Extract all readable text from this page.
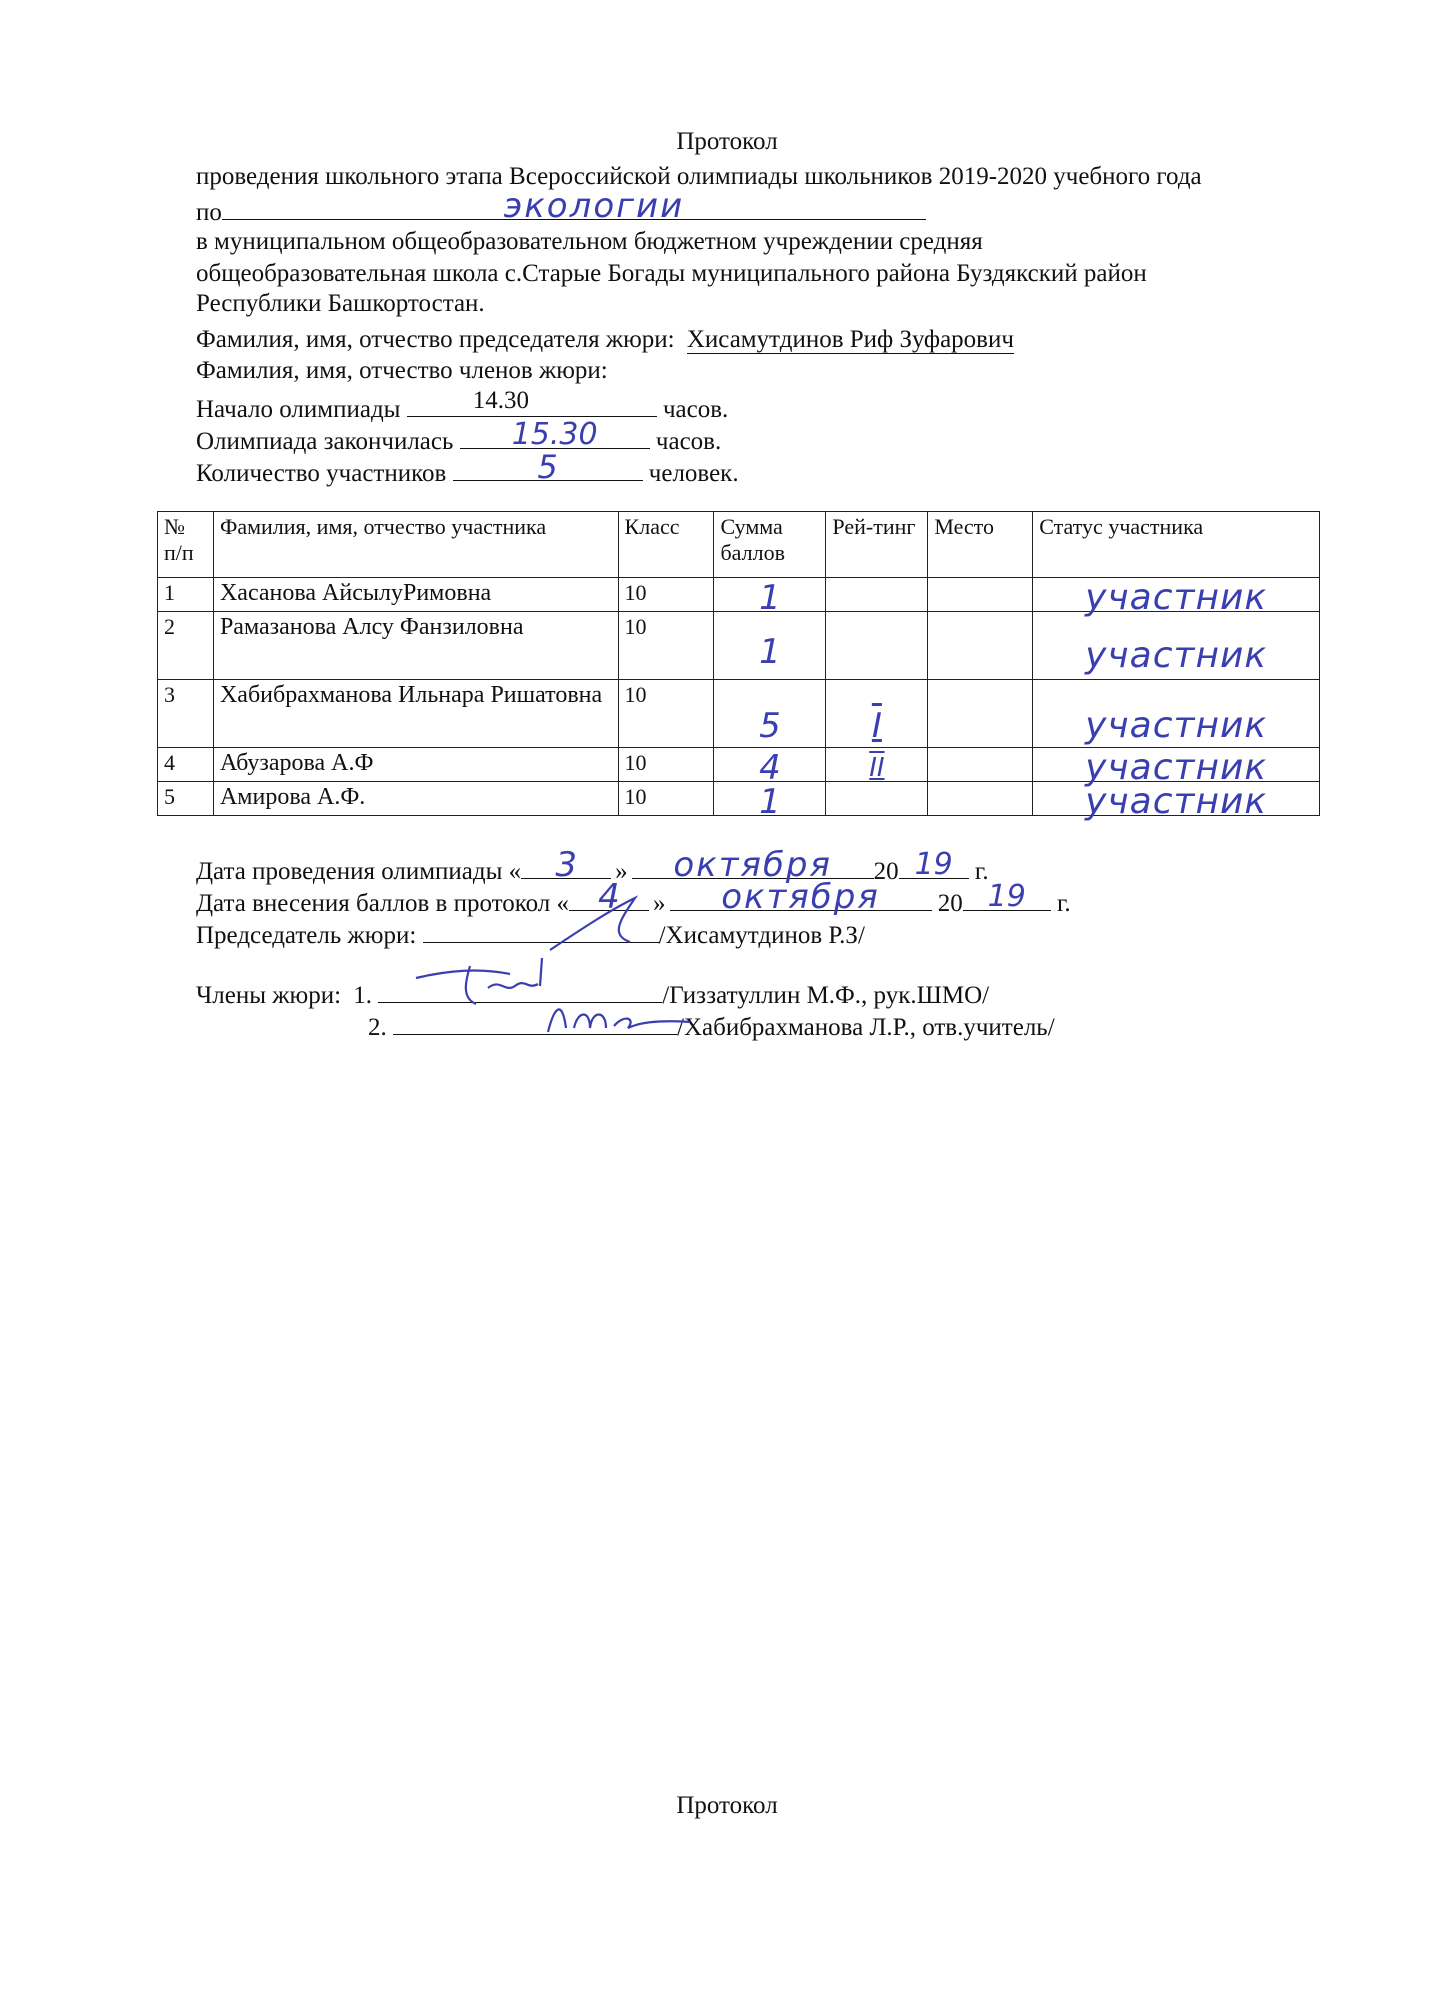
Протокол
проведения школьного этапа Всероссийской олимпиады школьников 2019-2020 учебного года
по	экологии
в муниципальном общеобразовательном бюджетном учреждении средняя
общеобразовательная школа с.Старые Богады муниципального района Буздякский район
Республики Башкортостан.
Фамилия, имя, отчество председателя жюри: Хисамутдинов Риф Зуфарович
Фамилия, имя, отчество членов жюри:
Начало олимпиады	14.30	часов.
Олимпиада закончилась	15.30	часов.
Количество участников	5	человек.
№ п/п	Фамилия, имя, отчество участника	Класс	Сумма баллов	Рей-тинг	Место	Статус участника
1	Хасанова АйсылуРимовна	10	1			участник

2	Рамазанова Алсу Фанзиловна	10	1			участник

3	Хабибрахманова Ильнара Ришатовна	10	5	I		участник

4	Абузарова А.Ф	10	4	II		участник

5	Амирова А.Ф.	10	1			участник
Дата проведения олимпиады «	3	»	октября	20 19 г.
Дата внесения баллов в протокол « 4	»	октября	20 19	г.
Председатель жюри:	/Хисамутдинов Р.З/
Члены жюри: 1.	/Гиззатуллин М.Ф., рук.ШМО/
2.	/Хабибрахманова Л.Р., отв.учитель/
Протокол
